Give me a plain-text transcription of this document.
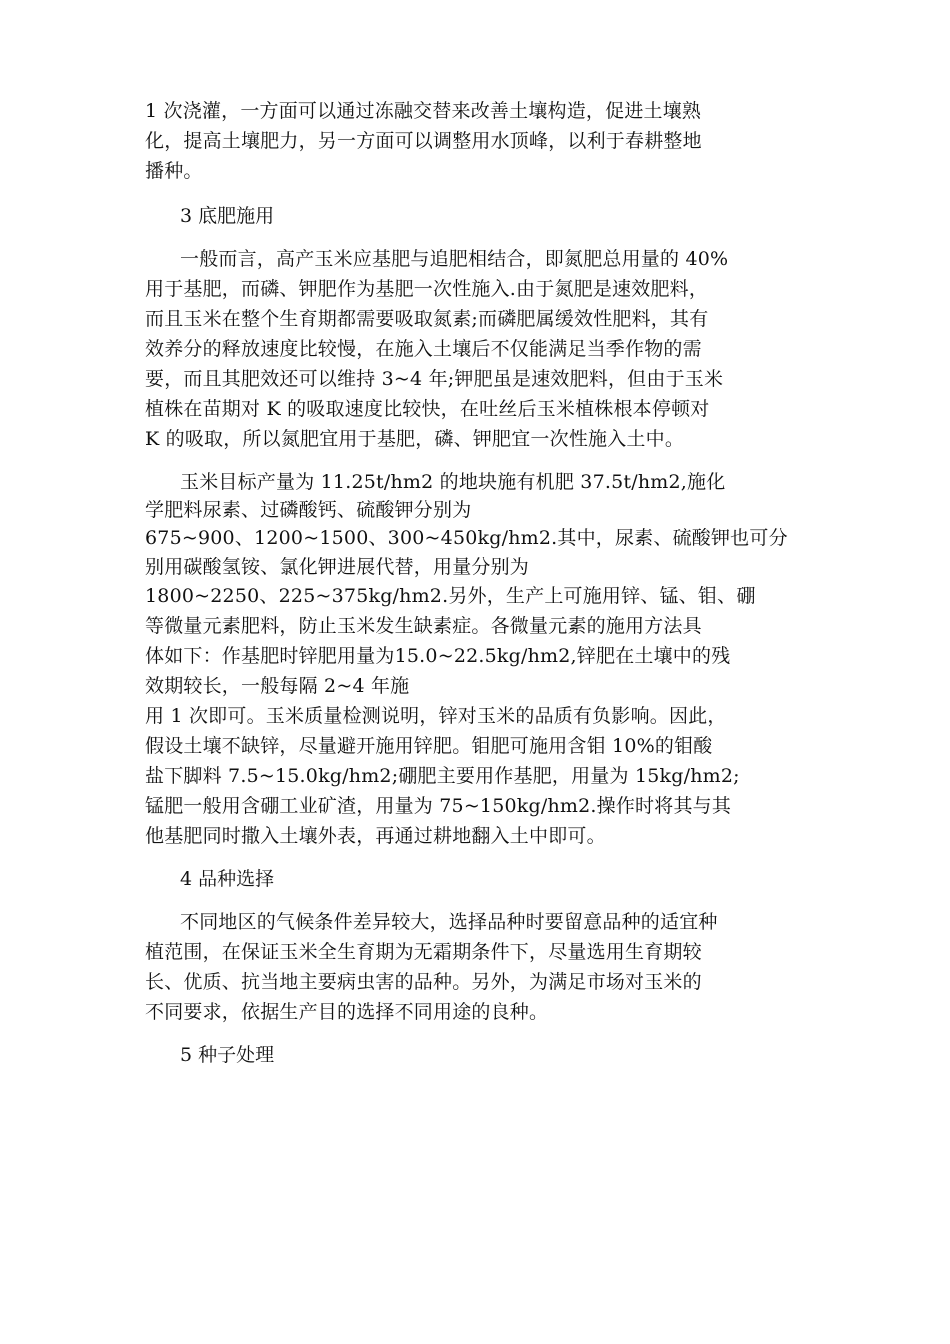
1 次浇灌，一方面可以通过冻融交替来改善土壤构造，促进土壤熟
化，提高土壤肥力，另一方面可以调整用水顶峰，以利于春耕整地
播种。
3 底肥施用
一般而言，高产玉米应基肥与追肥相结合，即氮肥总用量的 40%
用于基肥，而磷、钾肥作为基肥一次性施入.由于氮肥是速效肥料，
而且玉米在整个生育期都需要吸取氮素;而磷肥属缓效性肥料，其有
效养分的释放速度比较慢，在施入土壤后不仅能满足当季作物的需
要，而且其肥效还可以维持 3~4 年;钾肥虽是速效肥料，但由于玉米
植株在苗期对 K 的吸取速度比较快，在吐丝后玉米植株根本停顿对
K 的吸取，所以氮肥宜用于基肥，磷、钾肥宜一次性施入土中。
玉米目标产量为 11.25t/hm2 的地块施有机肥 37.5t/hm2,施化
学肥料尿素、过磷酸钙、硫酸钾分别为
675~900、1200~1500、300~450kg/hm2.其中，尿素、硫酸钾也可分
别用碳酸氢铵、氯化钾进展代替，用量分别为
1800~2250、225~375kg/hm2.另外，生产上可施用锌、锰、钼、硼
等微量元素肥料，防止玉米发生缺素症。各微量元素的施用方法具
体如下：作基肥时锌肥用量为15.0~22.5kg/hm2,锌肥在土壤中的残
效期较长，一般每隔 2~4 年施
用 1 次即可。玉米质量检测说明，锌对玉米的品质有负影响。因此，
假设土壤不缺锌，尽量避开施用锌肥。钼肥可施用含钼 10%的钼酸
盐下脚料 7.5~15.0kg/hm2;硼肥主要用作基肥，用量为 15kg/hm2;
锰肥一般用含硼工业矿渣，用量为 75~150kg/hm2.操作时将其与其
他基肥同时撒入土壤外表，再通过耕地翻入土中即可。
4 品种选择
不同地区的气候条件差异较大，选择品种时要留意品种的适宜种
植范围，在保证玉米全生育期为无霜期条件下，尽量选用生育期较
长、优质、抗当地主要病虫害的品种。另外，为满足市场对玉米的
不同要求，依据生产目的选择不同用途的良种。
5 种子处理
